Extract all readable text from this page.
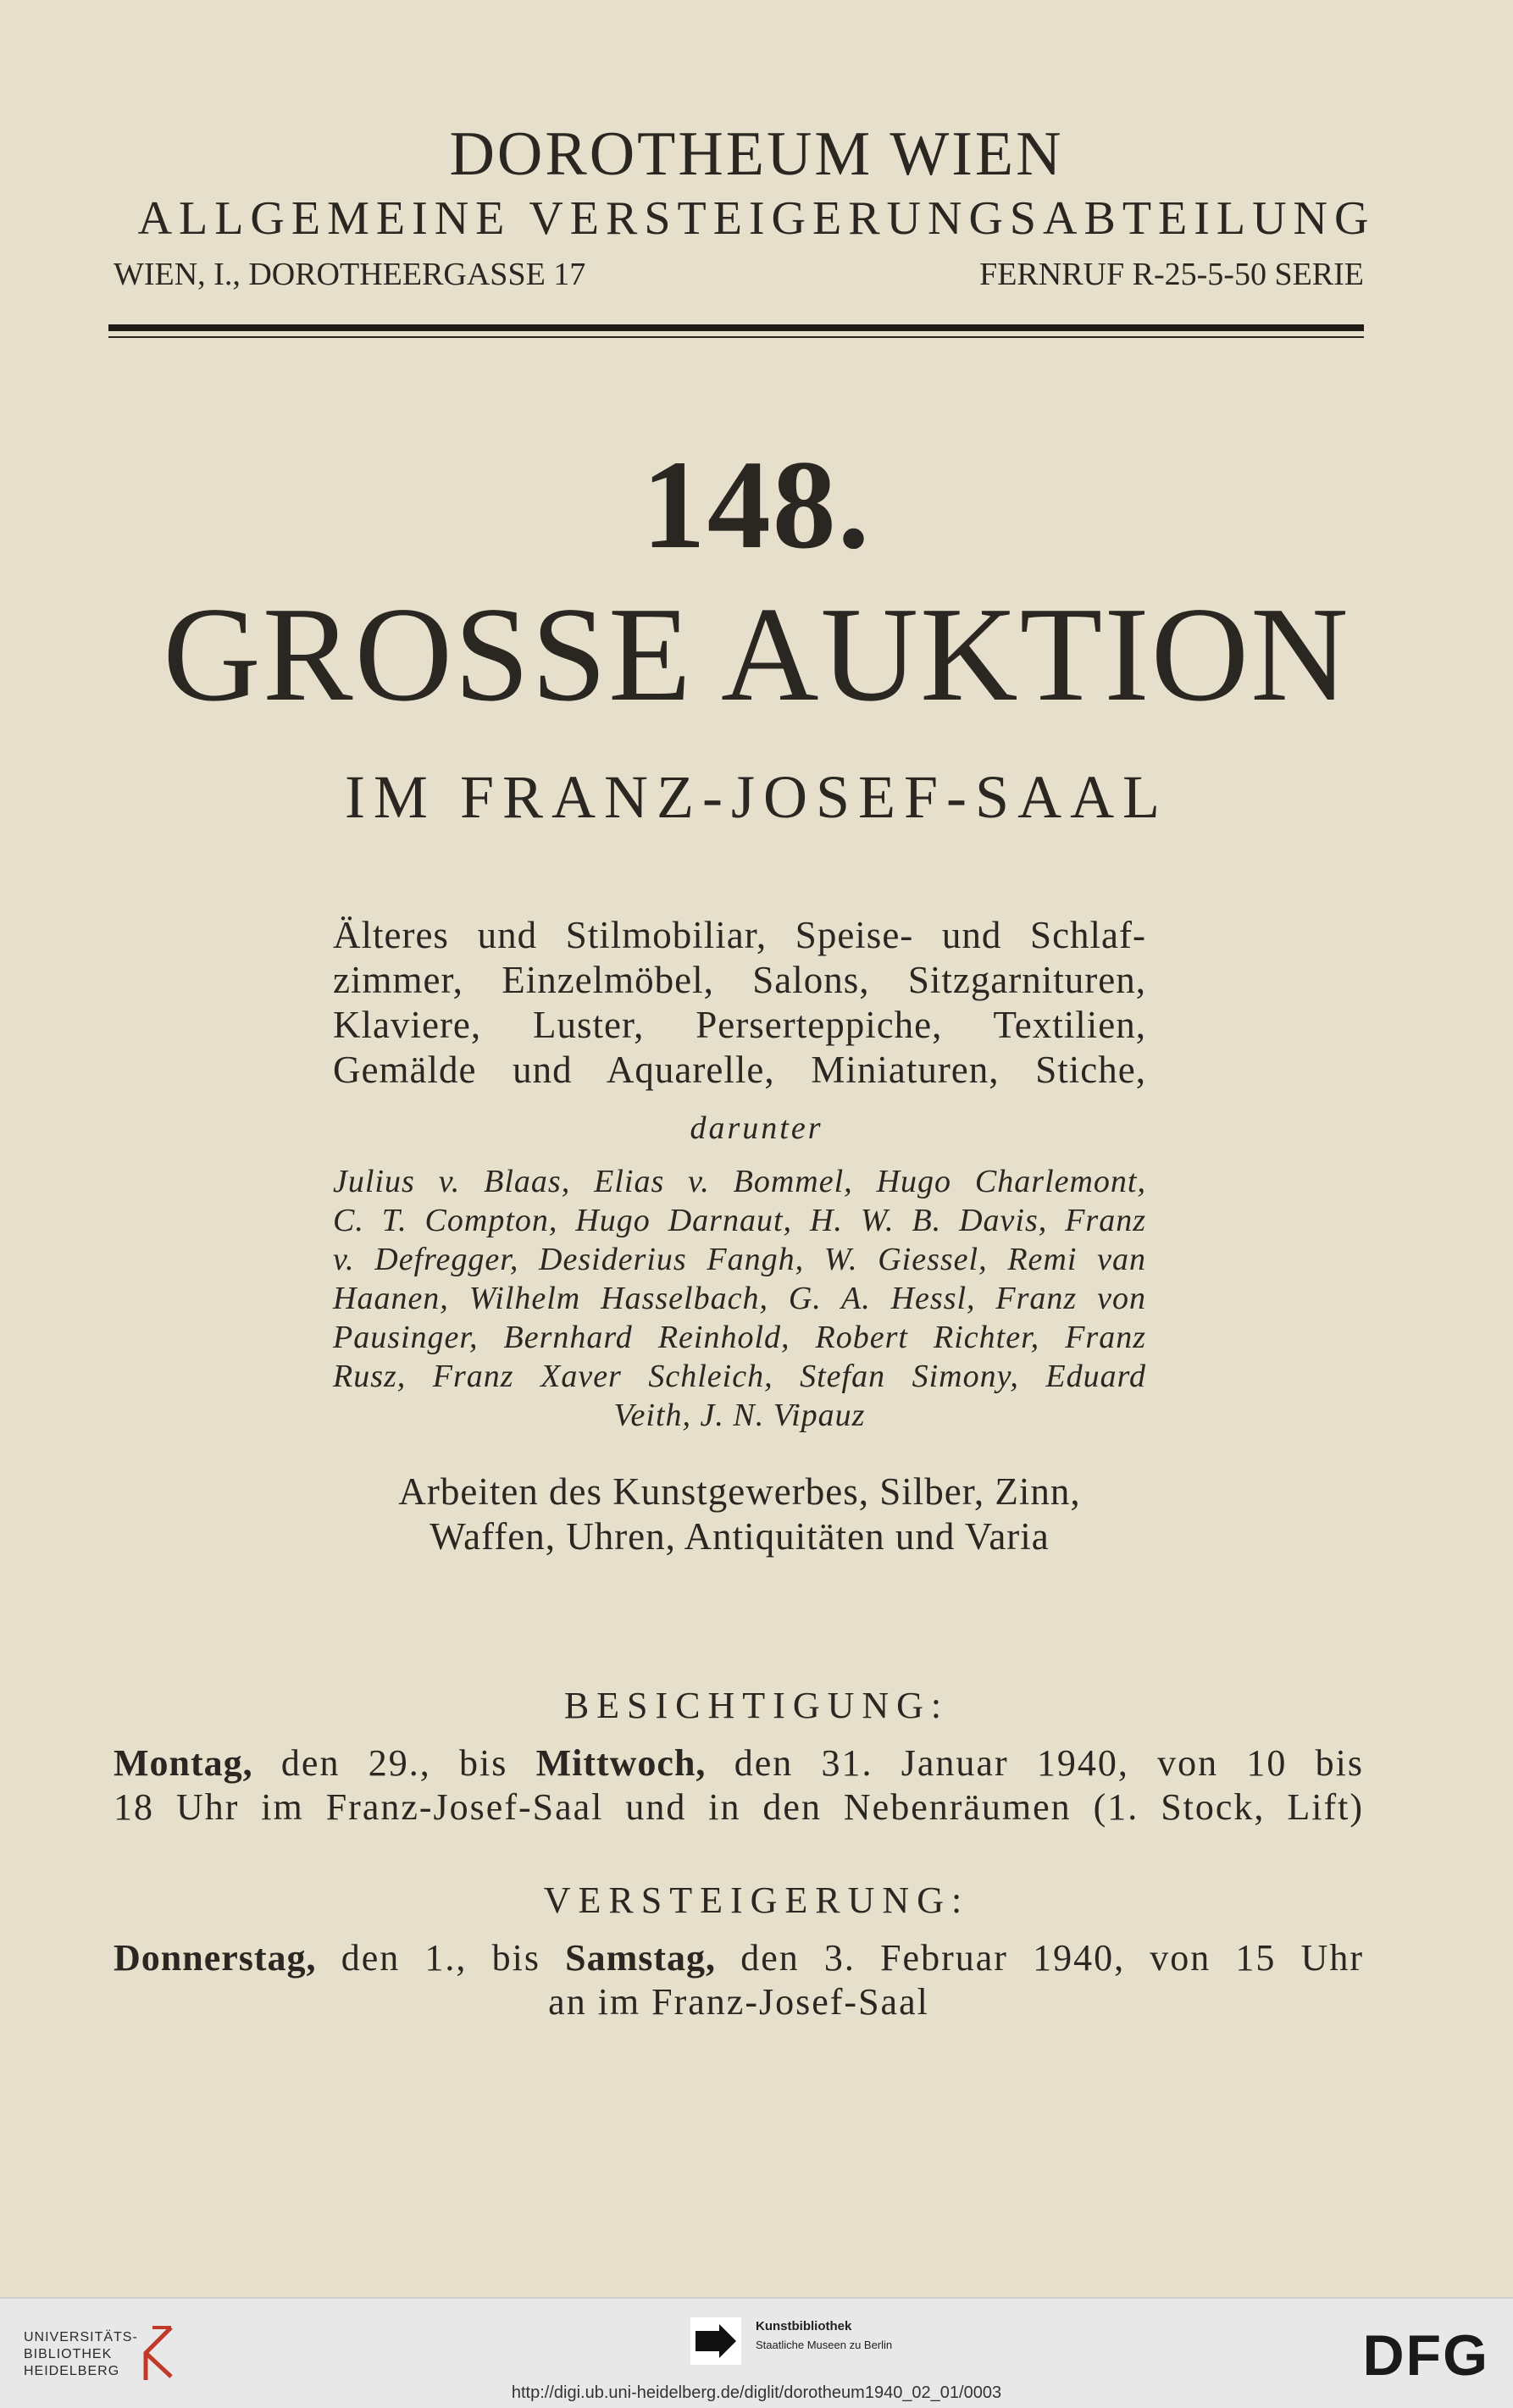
DOROTHEUM WIEN
ALLGEMEINE VERSTEIGERUNGSABTEILUNG
WIEN, I., DOROTHEERGASSE 17	FERNRUF R-25-5-50 SERIE
148.
GROSSE AUKTION
IM FRANZ-JOSEF-SAAL
Älteres und Stilmobiliar, Speise- und Schlaf-
zimmer, Einzelmöbel, Salons, Sitzgarnituren,
Klaviere, Luster, Perserteppiche, Textilien,
Gemälde und Aquarelle, Miniaturen, Stiche,
darunter
Julius v. Blaas, Elias v. Bommel, Hugo Charlemont,
C. T. Compton, Hugo Darnaut, H. W. B. Davis, Franz
v. Defregger, Desiderius Fangh, W. Giessel, Remi van
Haanen, Wilhelm Hasselbach, G. A. Hessl, Franz von
Pausinger, Bernhard Reinhold, Robert Richter, Franz
Rusz, Franz Xaver Schleich, Stefan Simony, Eduard
Veith, J. N. Vipauz
Arbeiten des Kunstgewerbes, Silber, Zinn,
Waffen, Uhren, Antiquitäten und Varia
BESICHTIGUNG:
Montag, den 29., bis Mittwoch, den 31. Januar 1940, von 10 bis
18 Uhr im Franz-Josef-Saal und in den Nebenräumen (1. Stock, Lift)
VERSTEIGERUNG:
Donnerstag, den 1., bis Samstag, den 3. Februar 1940, von 15 Uhr
an im Franz-Josef-Saal
UNIVERSITÄTS-
BIBLIOTHEK
HEIDELBERG
Kunstbibliothek
Staatliche Museen zu Berlin	DFG
http://digi.ub.uni-heidelberg.de/diglit/dorotheum1940_02_01/0003
